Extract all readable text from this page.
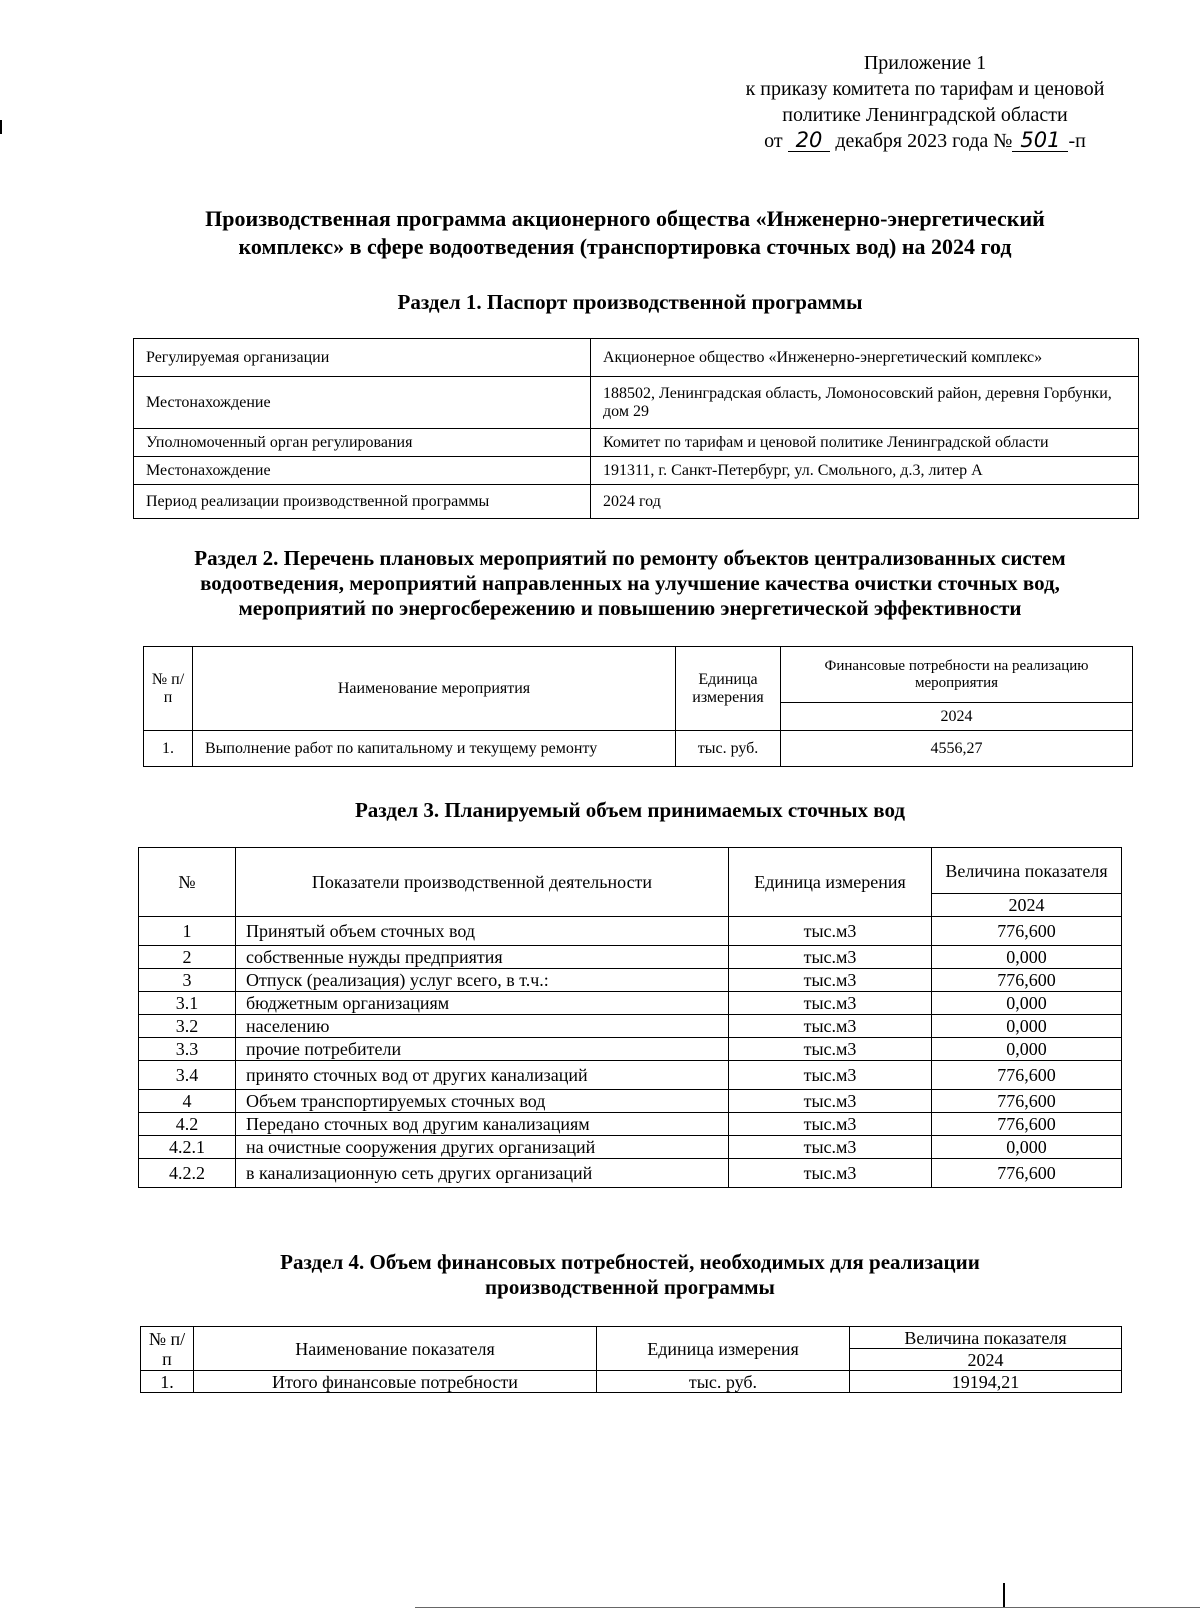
Приложение 1
к приказу комитета по тарифам и ценовой
политике Ленинградской области
от 20 декабря 2023 года № 501 -п
Производственная программа акционерного общества «Инженерно-энергетический
комплекс» в сфере водоотведения (транспортировка сточных вод) на 2024 год
Раздел 1. Паспорт производственной программы
Регулируемая организации	Акционерное общество «Инженерно-энергетический комплекс»
Местонахождение	188502, Ленинградская область, Ломоносовский район, деревня Горбунки, дом 29
Уполномоченный орган регулирования	Комитет по тарифам и ценовой политике Ленинградской области
Местонахождение	191311, г. Санкт-Петербург, ул. Смольного, д.3, литер А
Период реализации производственной программы	2024 год
Раздел 2. Перечень плановых мероприятий по ремонту объектов централизованных систем
водоотведения, мероприятий направленных на улучшение качества очистки сточных вод,
мероприятий по энергосбережению и повышению энергетической эффективности
№ п/п	Наименование мероприятия	Единица измерения	Финансовые потребности на реализацию мероприятия
			2024
1.	Выполнение работ по капитальному и текущему ремонту	тыс. руб.	4556,27
Раздел 3. Планируемый объем принимаемых сточных вод
№	Показатели производственной деятельности	Единица измерения	Величина показателя
			2024
1	Принятый объем сточных вод	тыс.м3	776,600
2	собственные нужды предприятия	тыс.м3	0,000
3	Отпуск (реализация) услуг всего, в т.ч.:	тыс.м3	776,600
3.1	бюджетным организациям	тыс.м3	0,000
3.2	населению	тыс.м3	0,000
3.3	прочие потребители	тыс.м3	0,000
3.4	принято сточных вод от других канализаций	тыс.м3	776,600
4	Объем транспортируемых сточных вод	тыс.м3	776,600
4.2	Передано сточных вод другим канализациям	тыс.м3	776,600
4.2.1	на очистные сооружения других организаций	тыс.м3	0,000
4.2.2	в канализационную сеть других организаций	тыс.м3	776,600
Раздел 4. Объем финансовых потребностей, необходимых для реализации
производственной программы
№ п/п	Наименование показателя	Единица измерения	Величина показателя
			2024
1.	Итого финансовые потребности	тыс. руб.	19194,21
